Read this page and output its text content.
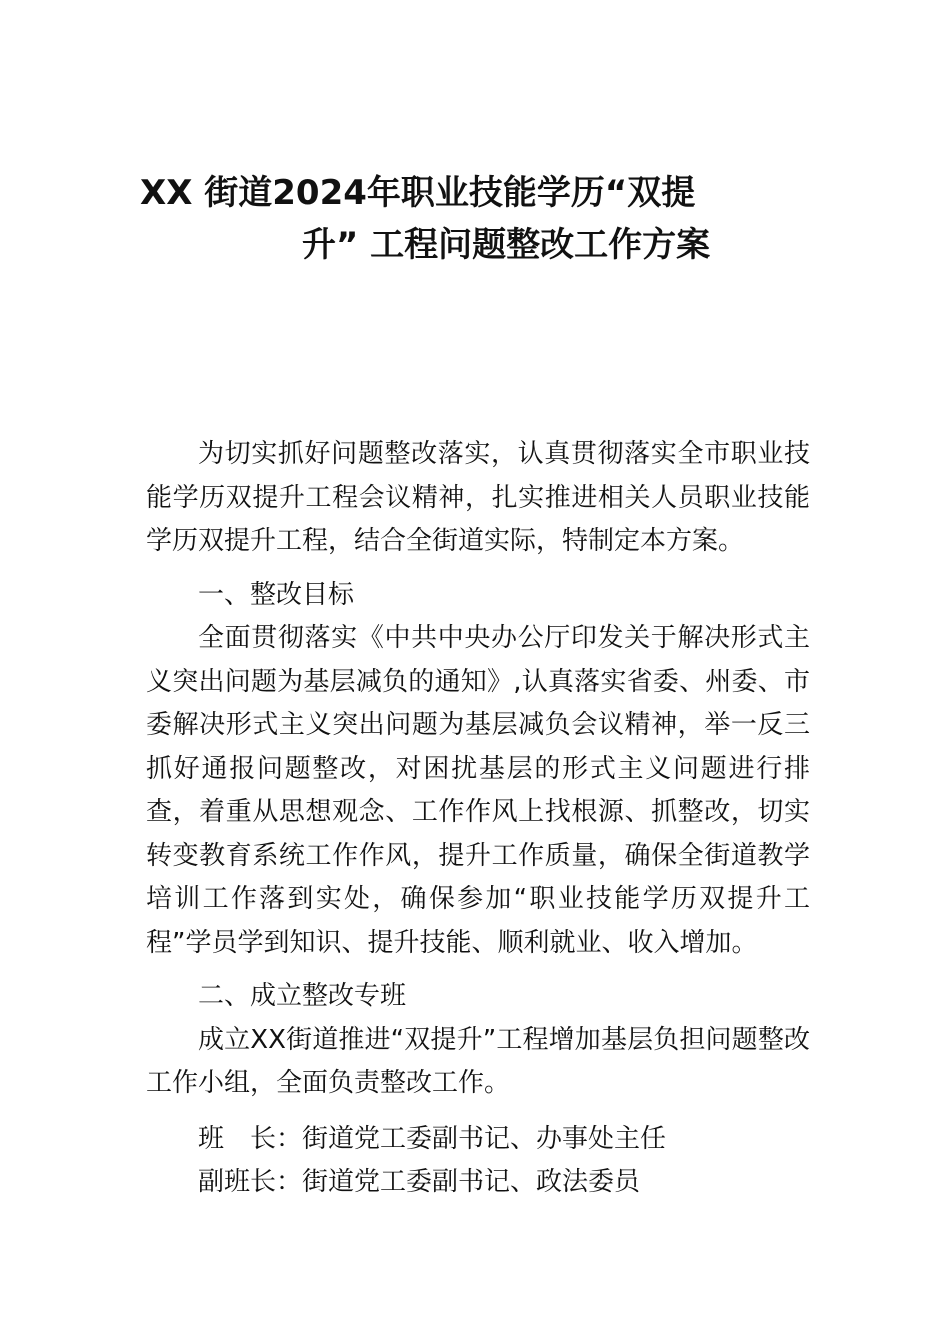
XX 街道2024年职业技能学历“双提
升” 工程问题整改工作方案

为切实抓好问题整改落实，认真贯彻落实全市职业技能学历双提升工程会议精神，扎实推进相关人员职业技能学历双提升工程，结合全街道实际，特制定本方案。

一、整改目标

全面贯彻落实《中共中央办公厅印发关于解决形式主义突出问题为基层减负的通知》,认真落实省委、州委、市委解决形式主义突出问题为基层减负会议精神，举一反三抓好通报问题整改，对困扰基层的形式主义问题进行排查，着重从思想观念、工作作风上找根源、抓整改，切实转变教育系统工作作风，提升工作质量，确保全街道教学培训工作落到实处，确保参加“职业技能学历双提升工程”学员学到知识、提升技能、顺利就业、收入增加。

二、成立整改专班

成立XX街道推进“双提升”工程增加基层负担问题整改工作小组，全面负责整改工作。

班　长：街道党工委副书记、办事处主任

副班长：街道党工委副书记、政法委员
